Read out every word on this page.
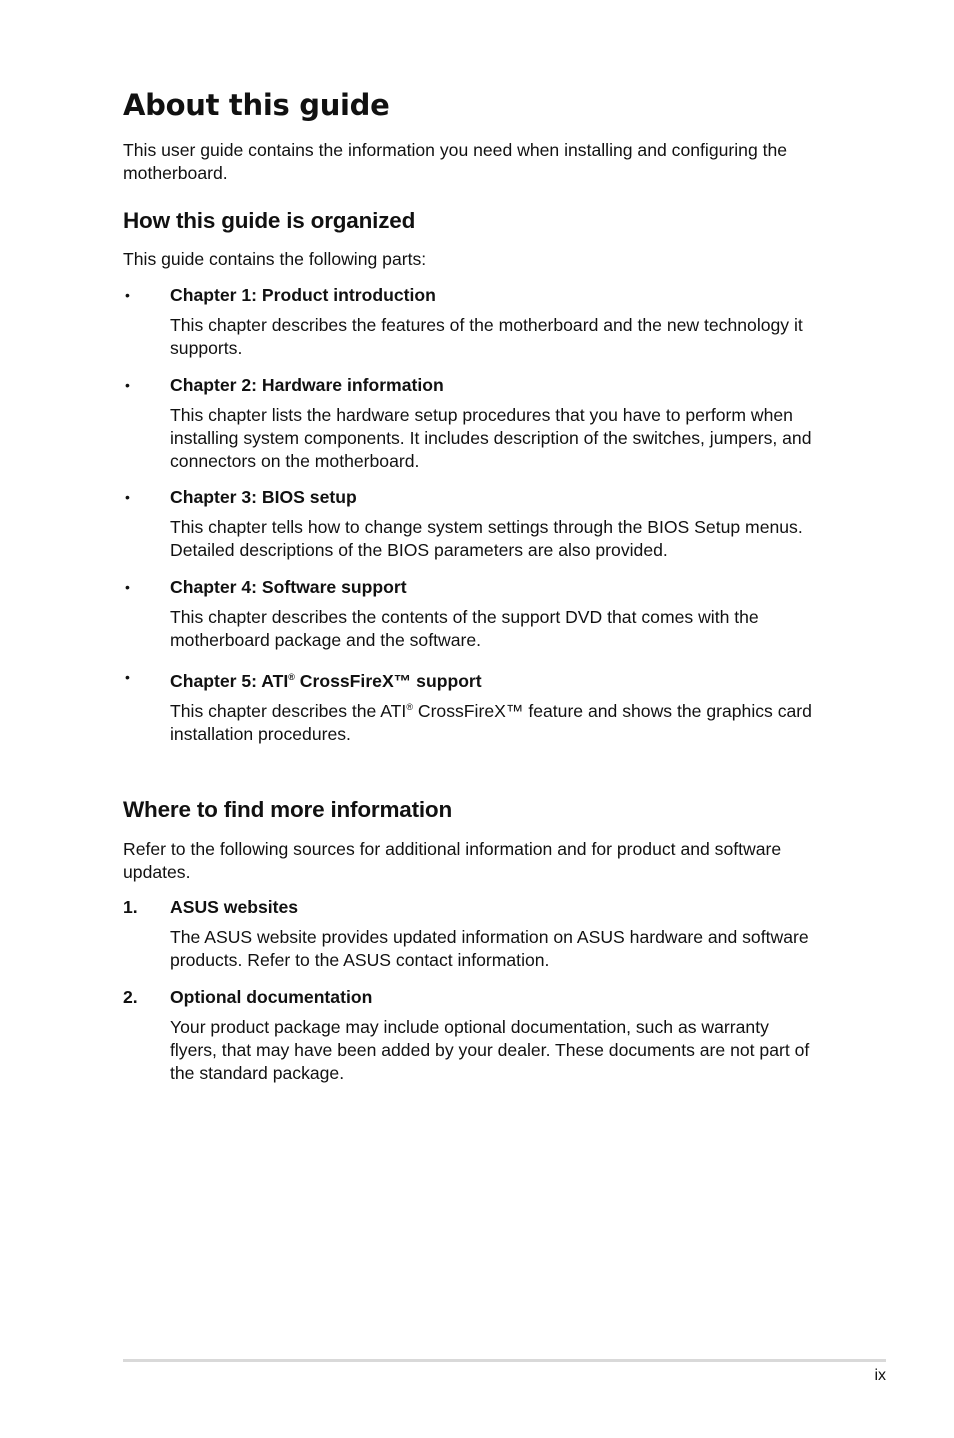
About this guide

This user guide contains the information you need when installing and configuring the motherboard.

How this guide is organized

This guide contains the following parts:

• Chapter 1: Product introduction

This chapter describes the features of the motherboard and the new technology it supports.

• Chapter 2: Hardware information

This chapter lists the hardware setup procedures that you have to perform when installing system components. It includes description of the switches, jumpers, and connectors on the motherboard.

• Chapter 3: BIOS setup

This chapter tells how to change system settings through the BIOS Setup menus. Detailed descriptions of the BIOS parameters are also provided.

• Chapter 4: Software support

This chapter describes the contents of the support DVD that comes with the motherboard package and the software.

• Chapter 5: ATI® CrossFireX™ support

This chapter describes the ATI® CrossFireX™ feature and shows the graphics card installation procedures.

Where to find more information

Refer to the following sources for additional information and for product and software updates.

1. ASUS websites

The ASUS website provides updated information on ASUS hardware and software products. Refer to the ASUS contact information.

2. Optional documentation

Your product package may include optional documentation, such as warranty flyers, that may have been added by your dealer. These documents are not part of the standard package.

ix
